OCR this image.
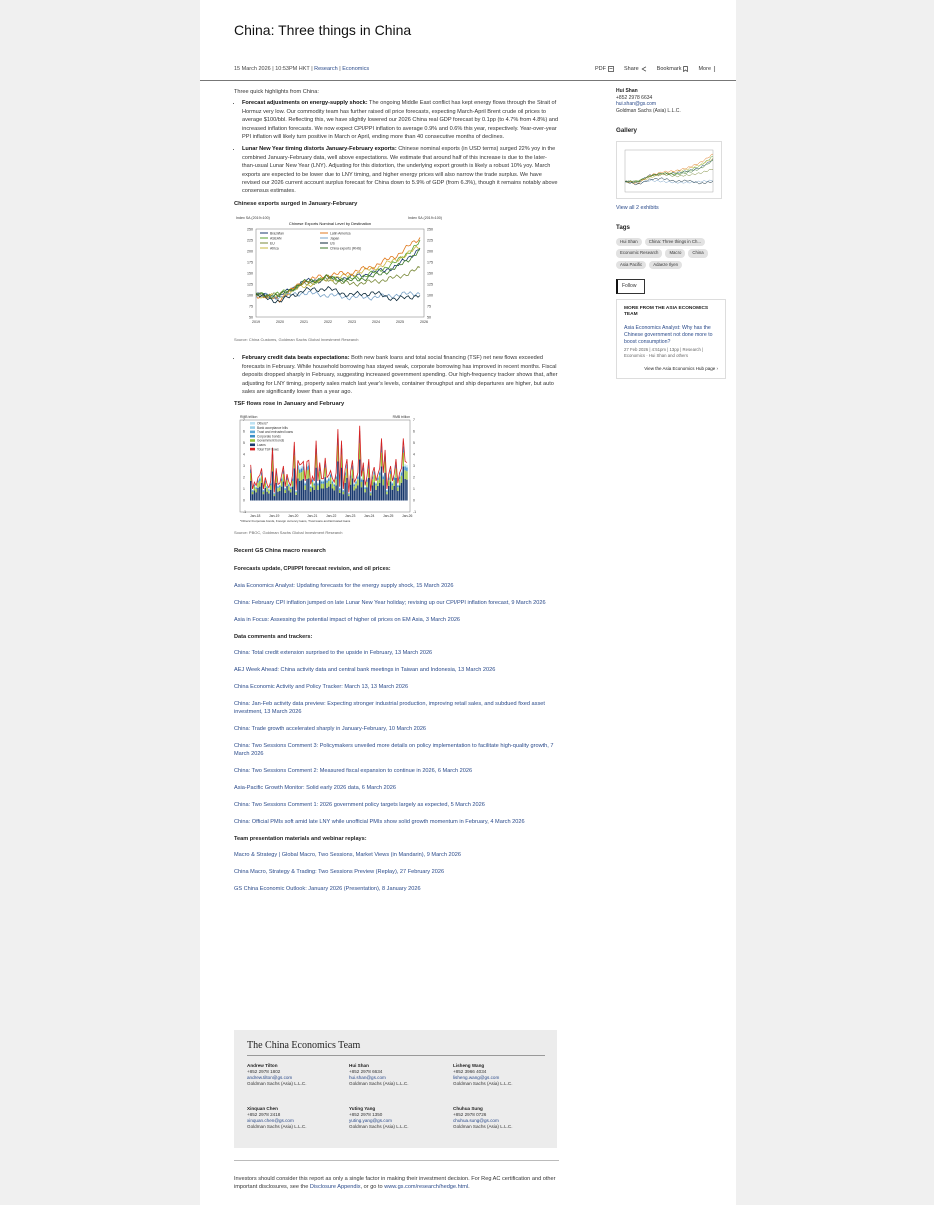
China: Three things in China
15 March 2026 | 10:53PM HKT | Research | Economics	PDF	Share	Bookmark	More

Three quick highlights from China:

• Forecast adjustments on energy-supply shock: The ongoing Middle East conflict has kept energy flows through the Strait of Hormuz very low. Our commodity team has further raised oil price forecasts, expecting March-April Brent crude oil prices to average $100/bbl. Reflecting this, we have slightly lowered our 2026 China real GDP forecast by 0.1pp (to 4.7% from 4.8%) and increased inflation forecasts. We now expect CPI/PPI inflation to average 0.9% and 0.6% this year, respectively. Year-over-year PPI inflation will likely turn positive in March or April, ending more than 40 consecutive months of declines.
• Lunar New Year timing distorts January-February exports: Chinese nominal exports (in USD terms) surged 22% yoy in the combined January-February data, well above expectations. We estimate that around half of this increase is due to the later-than-usual Lunar New Year (LNY). Adjusting for this distortion, the underlying export growth is likely a robust 10% yoy. March exports are expected to be lower due to LNY timing, and higher energy prices will also narrow the trade surplus. We have revised our 2026 current account surplus forecast for China down to 5.9% of GDP (from 6.3%), though it remains notably above consensus estimates.
Chinese exports surged in January-February
Index SA (2019=100)	Index SA (2019=100)
Chinese Exports Nominal Level by Destination
50	50
75	75
100	100
125	125
150	150
175	175
200	200
225	225
250	250
2019	2020	2021	2022	2023	2024	2025	2026
Brazil/lan
ASEAN
EU
Africa
Latin America
Japan
US
China exports (RHS)
Source: China Customs, Goldman Sachs Global Investment Research
• February credit data beats expectations: Both new bank loans and total social financing (TSF) net new flows exceeded forecasts in February. While household borrowing has stayed weak, corporate borrowing has improved in recent months. Fiscal deposits dropped sharply in February, suggesting increased government spending. Our high-frequency tracker shows that, after adjusting for LNY timing, property sales match last year's levels, container throughput and ship departures are higher, but auto sales are significantly lower than a year ago.
TSF flows rose in January and February
RMB trillion	RMB trillion
-1	-1
0	0
1	1
2	2
3	3
4	4
5	5
6	6
7	7
Others*
Bank acceptance bills
Trust and entrusted loans
Corporate bonds
Government bonds
Loans
Total TSF flows
Jan-18	Jan-19	Jan-20	Jan-21	Jan-22	Jan-23	Jan-24	Jan-25	Jan-26
*Others=Corporate bonds, Foreign currency loans, Trust loans and Entrusted loans
Source: PBOC, Goldman Sachs Global Investment Research
Recent GS China macro research
Forecasts update, CPI/PPI forecast revision, and oil prices:
Asia Economics Analyst: Updating forecasts for the energy supply shock, 15 March 2026
China: February CPI inflation jumped on late Lunar New Year holiday; revising up our CPI/PPI inflation forecast, 9 March 2026
Asia in Focus: Assessing the potential impact of higher oil prices on EM Asia, 3 March 2026
Data comments and trackers:
China: Total credit extension surprised to the upside in February, 13 March 2026
AEJ Week Ahead: China activity data and central bank meetings in Taiwan and Indonesia, 13 March 2026
China Economic Activity and Policy Tracker: March 13, 13 March 2026
China: Jan-Feb activity data preview: Expecting stronger industrial production, improving retail sales, and subdued fixed asset investment, 13 March 2026
China: Trade growth accelerated sharply in January-February, 10 March 2026
China: Two Sessions Comment 3: Policymakers unveiled more details on policy implementation to facilitate high-quality growth, 7 March 2026
China: Two Sessions Comment 2: Measured fiscal expansion to continue in 2026, 6 March 2026
Asia-Pacific Growth Monitor: Solid early 2026 data, 6 March 2026
China: Two Sessions Comment 1: 2026 government policy targets largely as expected, 5 March 2026
China: Official PMIs soft amid late LNY while unofficial PMIs show solid growth momentum in February, 4 March 2026
Team presentation materials and webinar replays:
Macro & Strategy | Global Macro, Two Sessions, Market Views (in Mandarin), 9 March 2026
China Macro, Strategy & Trading: Two Sessions Preview (Replay), 27 February 2026
GS China Economic Outlook: January 2026 (Presentation), 8 January 2026
The China Economics Team
Andrew Tilton
+852 2978 1802
andrew.tilton@gs.com
Goldman Sachs (Asia) L.L.C.
Hui Shan
+852 2978 6634
hui.shan@gs.com
Goldman Sachs (Asia) L.L.C.
Lisheng Wang
+852 3966 4034
lisheng.wang@gs.com
Goldman Sachs (Asia) L.L.C.
Xinquan Chen
+852 2978 2418
xinquan.chen@gs.com
Goldman Sachs (Asia) L.L.C.
Yuting Yang
+852 2978 1350
yuting.yang@gs.com
Goldman Sachs (Asia) L.L.C.
Chuhua Sung
+852 2978 0726
chuhua.sung@gs.com
Goldman Sachs (Asia) L.L.C.
Investors should consider this report as only a single factor in making their investment decision. For Reg AC certification and other important disclosures, see the Disclosure Appendix, or go to www.gs.com/research/hedge.html.
Hui Shan
+852 2978 6634
hui.shan@gs.com
Goldman Sachs (Asia) L.L.C.
Gallery
View all 2 exhibits
Tags
Hui Shan	China: Three things in Ch...
Economic Research	Macro	China
Asia Pacific	Adaeze Ilyen
Follow
MORE FROM THE ASIA ECONOMICS TEAM
Asia Economics Analyst: Why has the Chinese government not done more to boost consumption?
27 Feb 2026 | 4:51pm | 13pp | Research | Economics · Hui Shan and others
View the Asia Economics Hub page ›
